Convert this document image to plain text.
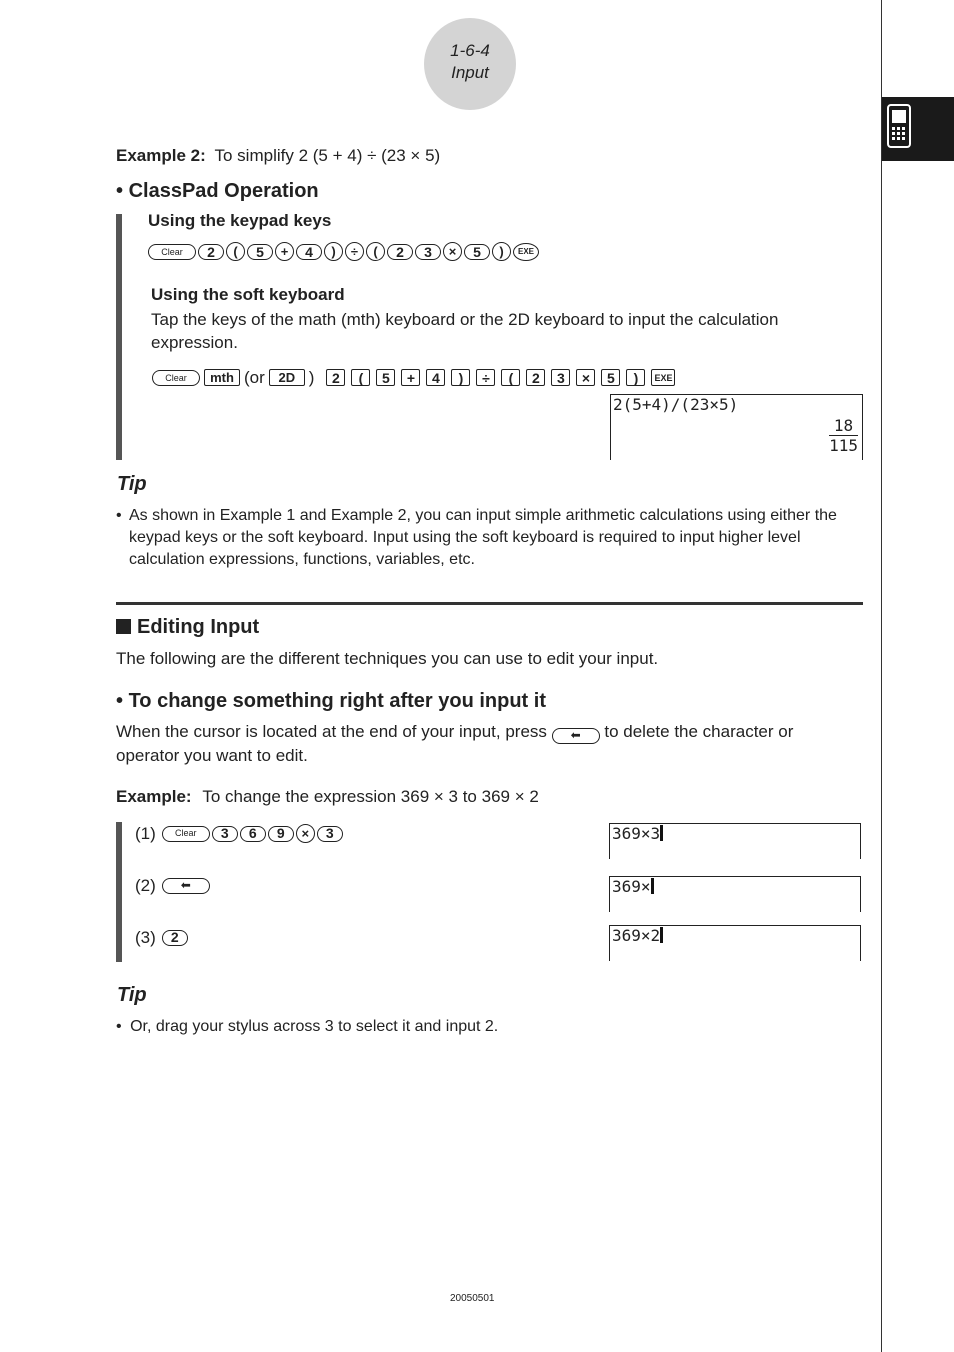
1-6-4
Input
Example 2: To simplify 2 (5 + 4) ÷ (23 × 5)
• ClassPad Operation
Using the keypad keys
Clear	2	(	5	+	4	)	÷	(	2	3	×	5	)	EXE
Using the soft keyboard
Tap the keys of the math (mth) keyboard or the 2D keyboard to input the calculation expression.
Clear	mth (or	2D )	2	(	5	+	4	)	÷	(	2	3	×	5	)	EXE
2(5+4)/(23×5)
$\frac{18}{115}$
Tip
• As shown in Example 1 and Example 2, you can input simple arithmetic calculations using either the keypad keys or the soft keyboard. Input using the soft keyboard is required to input higher level calculation expressions, functions, variables, etc.
Editing Input
The following are the different techniques you can use to edit your input.
• To change something right after you input it
When the cursor is located at the end of your input, press ⬅ to delete the character or operator you want to edit.
Example: To change the expression 369 × 3 to 369 × 2
(1)	Clear	3	6	9	×	3	369×3
(2)	⬅	369×
(3)	2	369×2
Tip
• Or, drag your stylus across 3 to select it and input 2.
20050501
